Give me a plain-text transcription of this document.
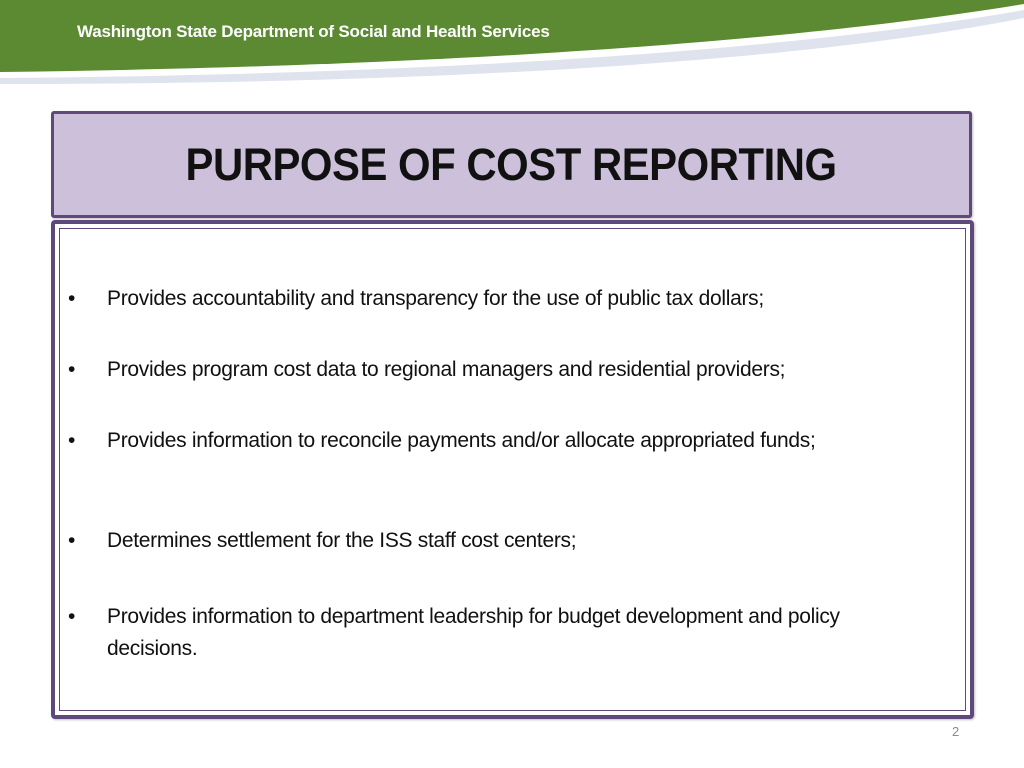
Washington State Department of Social and Health Services
PURPOSE OF COST REPORTING
•	Provides accountability and transparency for the use of public tax dollars;
•	Provides program cost data to regional managers and residential providers;
•	Provides information to reconcile payments and/or allocate appropriated funds;
•	Determines settlement for the ISS staff cost centers;
•	Provides information to department leadership for budget development and policy decisions.
2
